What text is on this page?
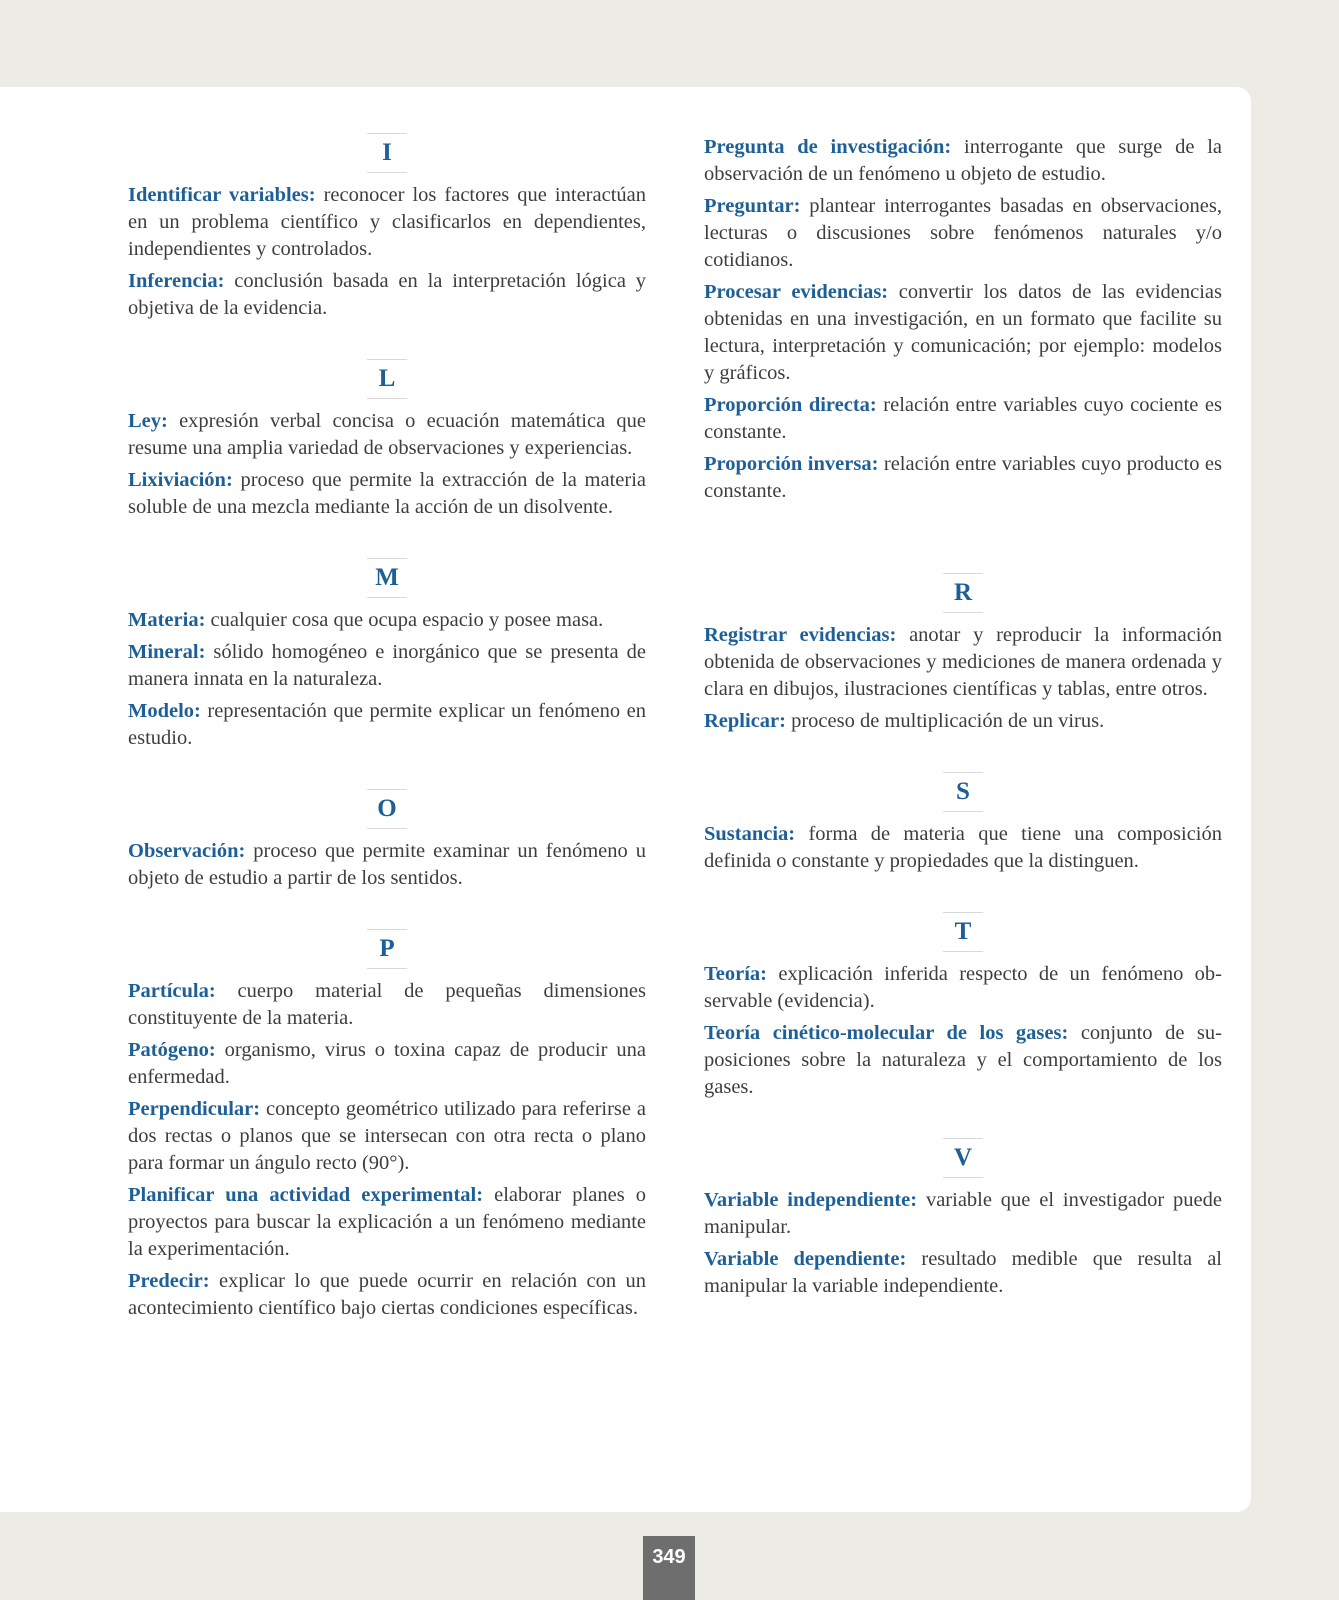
I

Identificar variables: reconocer los factores que interactúan en un problema científico y clasificarlos en dependientes, independientes y controlados.

Inferencia: conclusión basada en la interpretación lógica y objetiva de la evidencia.

L

Ley: expresión verbal concisa o ecuación matemática que resume una amplia variedad de observaciones y experiencias.

Lixiviación: proceso que permite la extracción de la materia soluble de una mezcla mediante la acción de un disolvente.

M

Materia: cualquier cosa que ocupa espacio y posee masa.

Mineral: sólido homogéneo e inorgánico que se presenta de manera innata en la naturaleza.

Modelo: representación que permite explicar un fenómeno en estudio.

O

Observación: proceso que permite examinar un fenómeno u objeto de estudio a partir de los sentidos.

P

Partícula: cuerpo material de pequeñas dimensiones constituyente de la materia.

Patógeno: organismo, virus o toxina capaz de producir una enfermedad.

Perpendicular: concepto geométrico utilizado para referirse a dos rectas o planos que se intersecan con otra recta o plano para formar un ángulo recto (90°).

Planificar una actividad experimental: elaborar planes o proyectos para buscar la explicación a un fenómeno mediante la experimentación.

Predecir: explicar lo que puede ocurrir en relación con un acontecimiento científico bajo ciertas condiciones específicas.

Pregunta de investigación: interrogante que surge de la observación de un fenómeno u objeto de estudio.

Preguntar: plantear interrogantes basadas en observaciones, lecturas o discusiones sobre fenómenos naturales y/o cotidianos.

Procesar evidencias: convertir los datos de las evidencias obtenidas en una investigación, en un formato que facilite su lectura, interpretación y comunicación; por ejemplo: modelos y gráficos.

Proporción directa: relación entre variables cuyo cociente es constante.

Proporción inversa: relación entre variables cuyo producto es constante.

R

Registrar evidencias: anotar y reproducir la información obtenida de observaciones y mediciones de manera ordenada y clara en dibujos, ilustraciones científicas y tablas, entre otros.

Replicar: proceso de multiplicación de un virus.

S

Sustancia: forma de materia que tiene una composición definida o constante y propiedades que la distinguen.

T

Teoría: explicación inferida respecto de un fenómeno observable (evidencia).

Teoría cinético-molecular de los gases: conjunto de suposiciones sobre la naturaleza y el comportamiento de los gases.

V

Variable independiente: variable que el investigador puede manipular.

Variable dependiente: resultado medible que resulta al manipular la variable independiente.

349
